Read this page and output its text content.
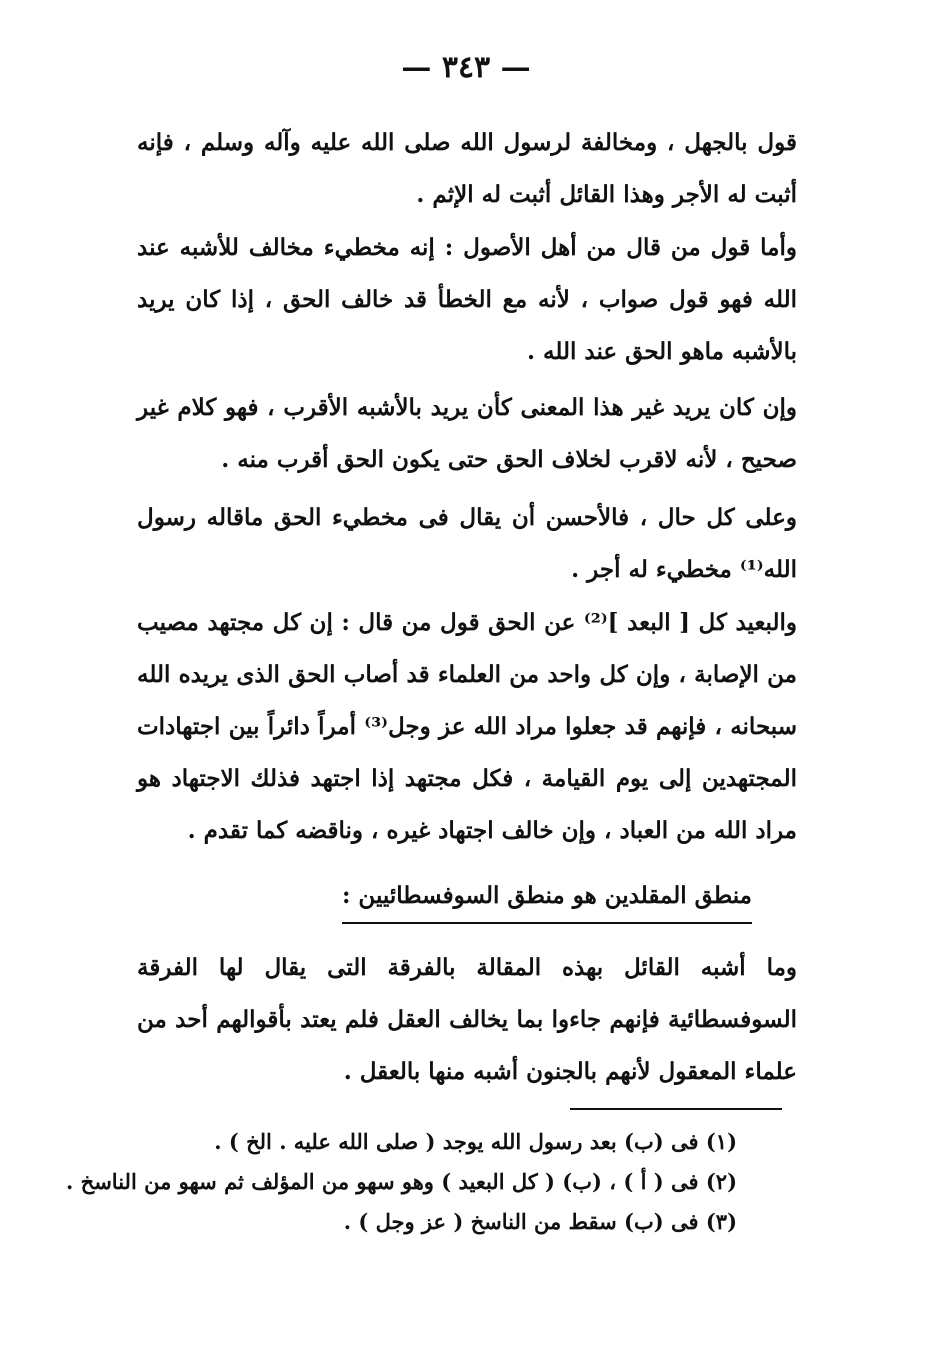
— ٣٤٣ —
قول بالجهل ، ومخالفة لرسول الله صلى الله عليه وآله وسلم ، فإنه أثبت له الأجر وهذا القائل أثبت له الإثم .
وأما قول من قال من أهل الأصول : إنه مخطيء مخالف للأشبه عند الله فهو قول صواب ، لأنه مع الخطأ قد خالف الحق ، إذا كان يريد بالأشبه ماهو الحق عند الله .
وإن كان يريد غير هذا المعنى كأن يريد بالأشبه الأقرب ، فهو كلام غير صحيح ، لأنه لاقرب لخلاف الحق حتى يكون الحق أقرب منه .
وعلى كل حال ، فالأحسن أن يقال فى مخطيء الحق ماقاله رسول الله⁽¹⁾ مخطيء له أجر .
والبعيد كل [ البعد ]⁽²⁾ عن الحق قول من قال : إن كل مجتهد مصيب من الإصابة ، وإن كل واحد من العلماء قد أصاب الحق الذى يريده الله سبحانه ، فإنهم قد جعلوا مراد الله عز وجل⁽³⁾ أمراً دائراً بين اجتهادات المجتهدين إلى يوم القيامة ، فكل مجتهد إذا اجتهد فذلك الاجتهاد هو مراد الله من العباد ، وإن خالف اجتهاد غيره ، وناقضه كما تقدم .
منطق المقلدين هو منطق السوفسطائيين :
وما أشبه القائل بهذه المقالة بالفرقة التى يقال لها الفرقة السوفسطائية فإنهم جاءوا بما يخالف العقل فلم يعتد بأقوالهم أحد من علماء المعقول لأنهم بالجنون أشبه منها بالعقل .
(١) فى (ب) بعد رسول الله يوجد ( صلى الله عليه . الخ ) .
(٢) فى ( أ ) ، (ب) ( كل البعيد ) وهو سهو من المؤلف ثم سهو من الناسخ .
(٣) فى (ب) سقط من الناسخ ( عز وجل ) .
